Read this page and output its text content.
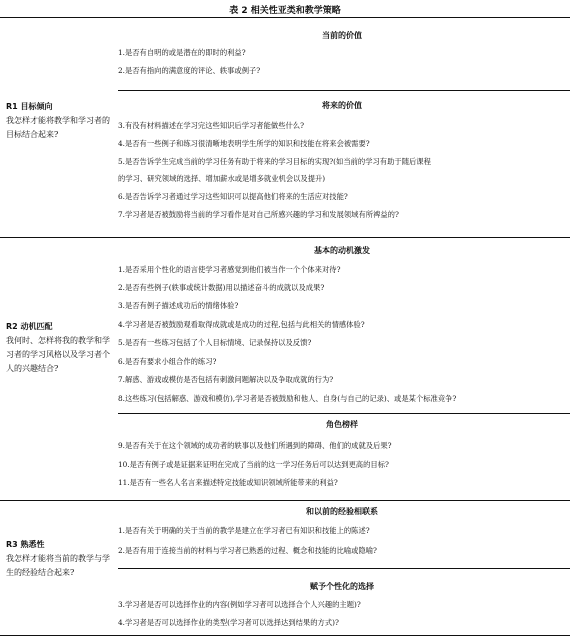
表 2 相关性亚类和教学策略
R1 目标倾向
我怎样才能将教学和学习者的目标结合起来?
当前的价值
1.是否有自明的或是潜在的即时的利益?
2.是否有指向的满意度的评论、轶事或例子?
将来的价值
3.有没有材料描述在学习完这些知识后学习者能做些什么?
4.是否有一些例子和练习很清晰地表明学生所学的知识和技能在将来会被需要?
5.是否告诉学生完成当前的学习任务有助于将来的学习目标的实现?(如当前的学习有助于随后课程
的学习、研究领域的选择、增加薪水或是增多就业机会以及提升)
6.是否告诉学习者通过学习这些知识可以提高他们将来的生活应对技能?
7.学习者是否被鼓励将当前的学习看作是对自己所感兴趣的学习和发展领域有所裨益的?
R2 动机匹配
我何时、怎样将我的教学和学习者的学习风格以及学习者个人的兴趣结合?
基本的动机激发
1.是否采用个性化的语言使学习者感觉到他们被当作一个个体来对待?
2.是否有些例子(轶事或统计数据)用以描述奋斗的成就以及成果?
3.是否有例子描述成功后的情绪体验?
4.学习者是否被鼓励观看取得成就或是成功的过程,包括与此相关的情感体验?
5.是否有一些练习包括了个人目标情境、记录保持以及反馈?
6.是否有要求小组合作的练习?
7.解惑、游戏或模仿是否包括有刺激问题解决以及争取成就的行为?
8.这些练习(包括解惑、游戏和模仿),学习者是否被鼓励和他人、自身(与自己的记录)、或是某个标准竞争?
角色榜样
9.是否有关于在这个领域的成功者的轶事以及他们所遇到的障碍、他们的成就及后果?
10.是否有例子或是证据来证明在完成了当前的这一学习任务后可以达到更高的目标?
11.是否有一些名人名言来描述特定技能或知识领域所能带来的利益?
R3 熟悉性
我怎样才能将当前的教学与学生的经验结合起来?
和以前的经验相联系
1.是否有关于明确的关于当前的教学是建立在学习者已有知识和技能上的陈述?
2.是否有用于连接当前的材料与学习者已熟悉的过程、概念和技能的比喻或隐喻?
赋予个性化的选择
3.学习者是否可以选择作业的内容(例如学习者可以选择合个人兴趣的主题)?
4.学习者是否可以选择作业的类型(学习者可以选择达到结果的方式)?
